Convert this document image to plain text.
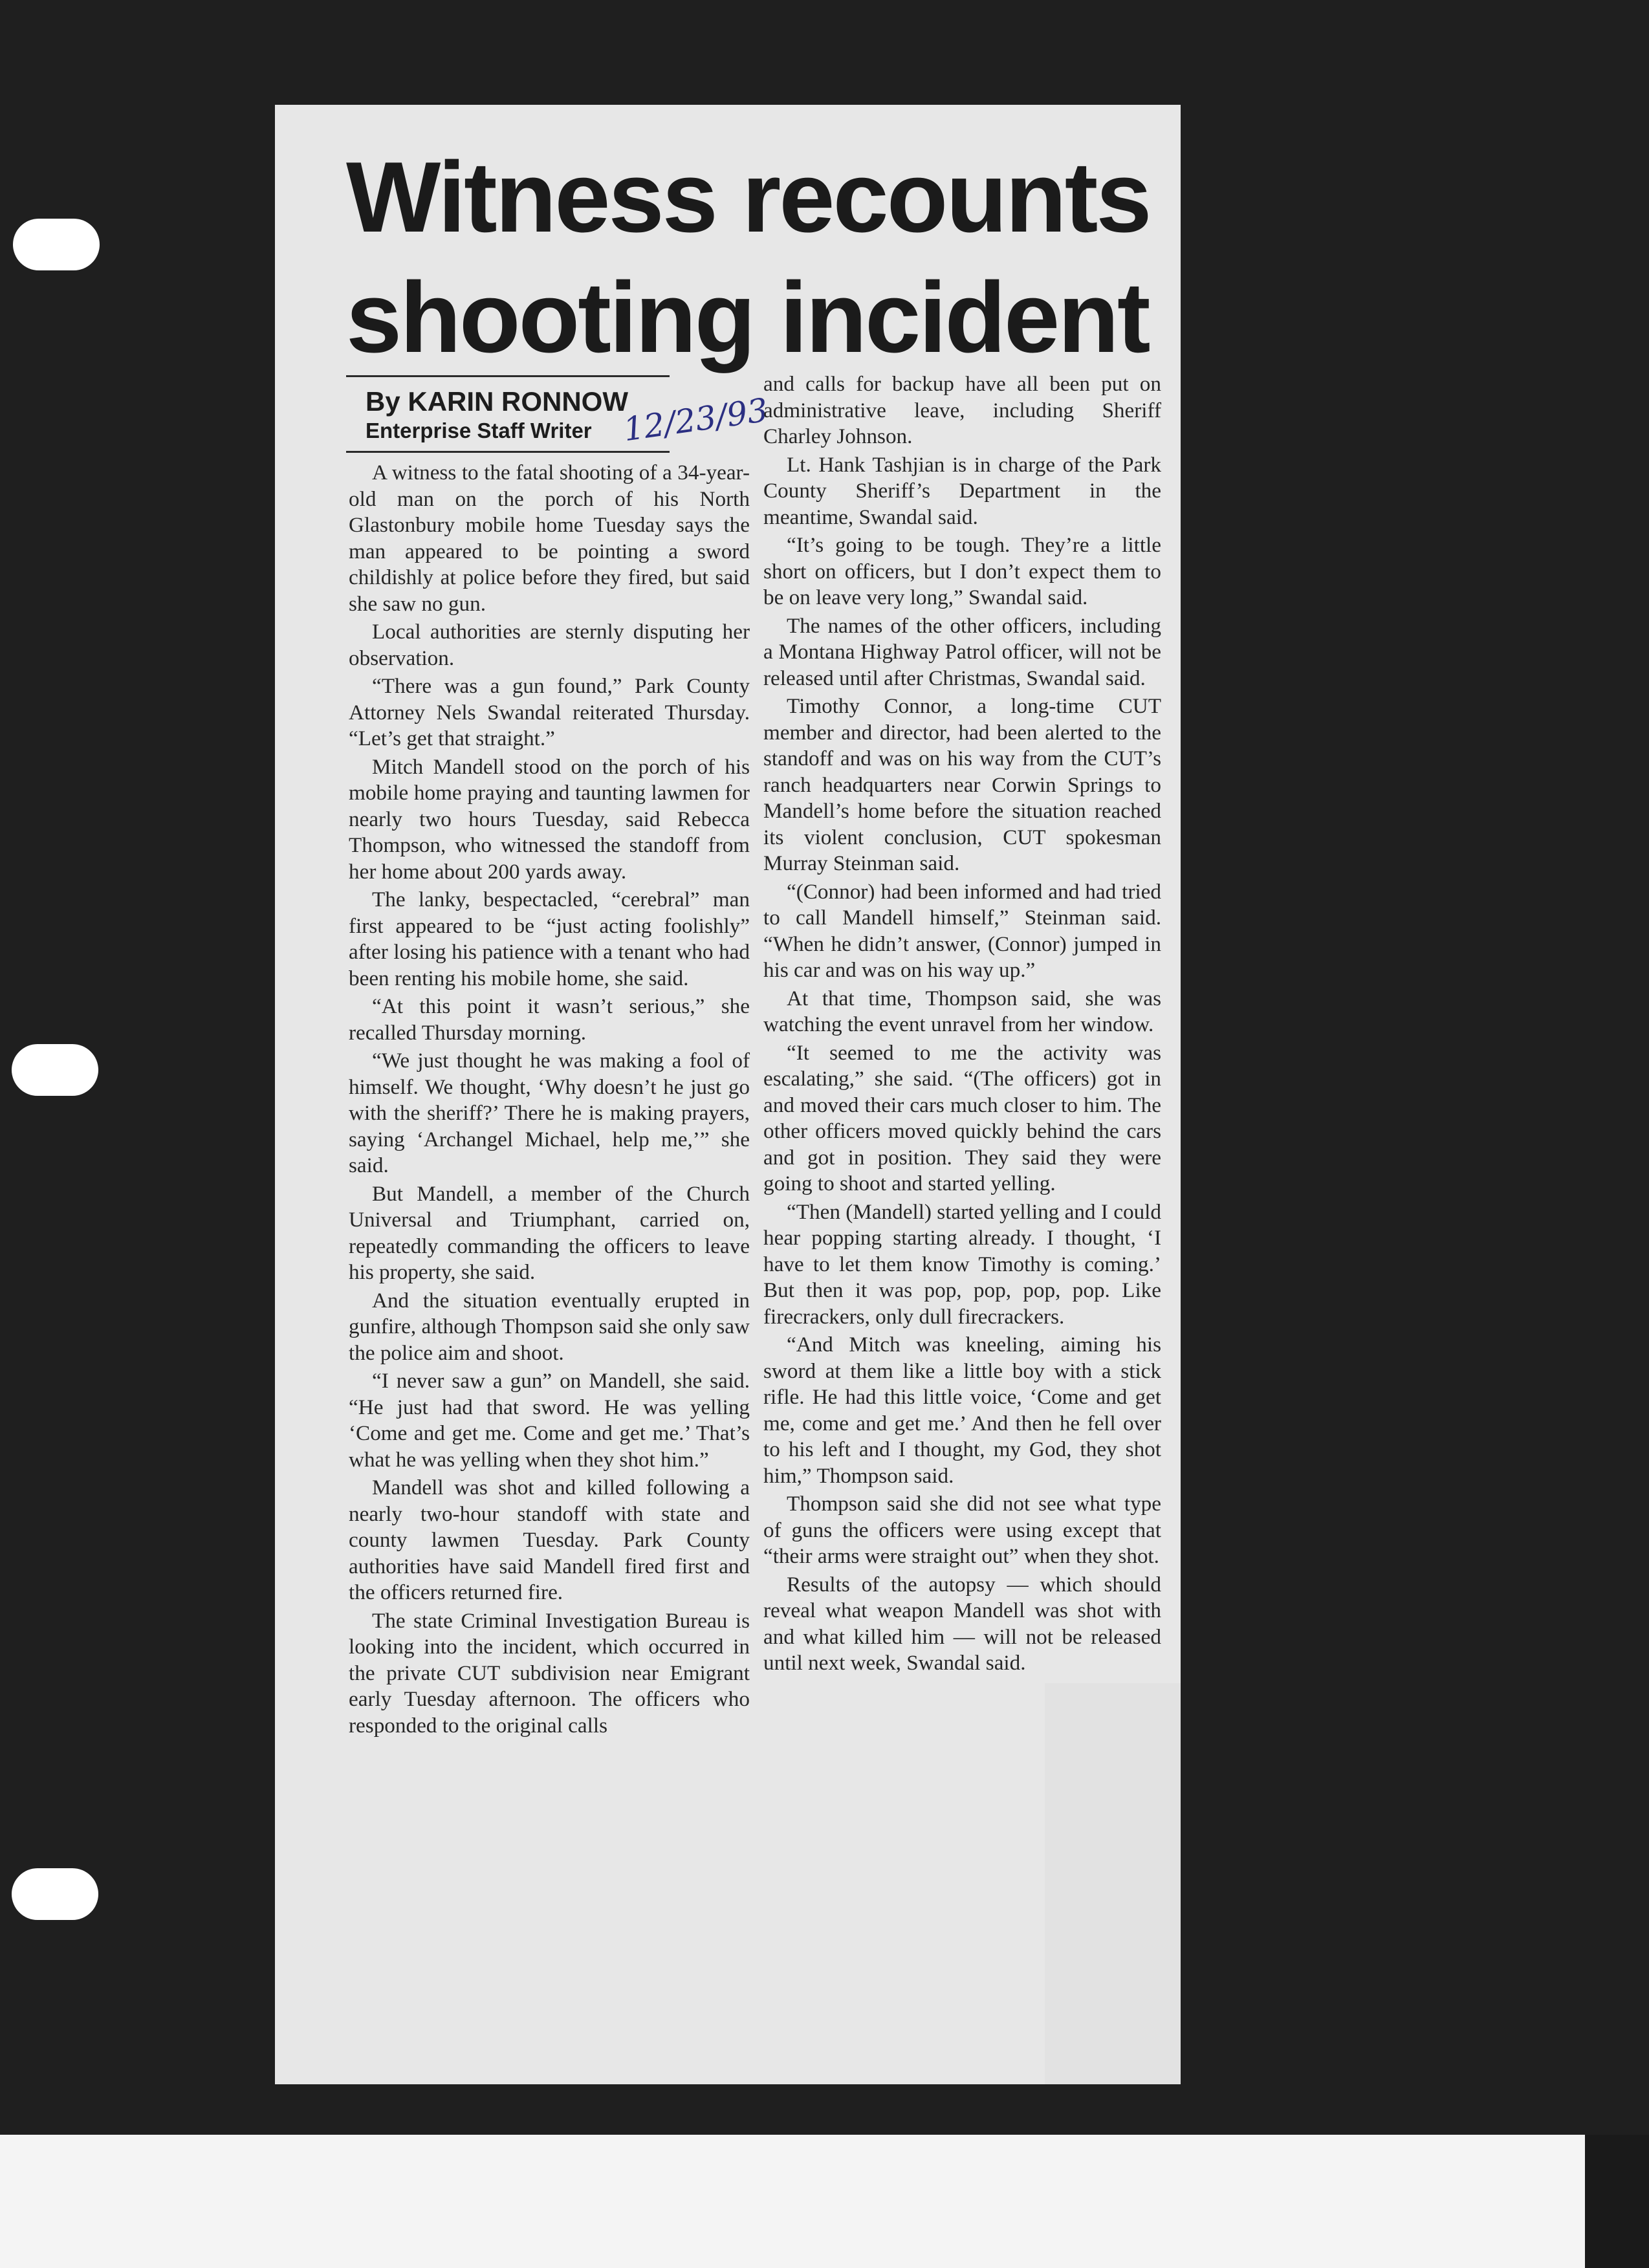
Witness recounts shooting incident
By KARIN RONNOW
Enterprise Staff Writer 12/23/93

A witness to the fatal shooting of a 34-year-old man on the porch of his North Glastonbury mobile home Tuesday says the man appeared to be pointing a sword childishly at police before they fired, but said she saw no gun.

Local authorities are sternly disputing her observation.

“There was a gun found,” Park County Attorney Nels Swandal reiterated Thursday. “Let’s get that straight.”

Mitch Mandell stood on the porch of his mobile home praying and taunting lawmen for nearly two hours Tuesday, said Rebecca Thompson, who witnessed the standoff from her home about 200 yards away.

The lanky, bespectacled, “cerebral” man first appeared to be “just acting foolishly” after losing his patience with a tenant who had been renting his mobile home, she said.

“At this point it wasn’t serious,” she recalled Thursday morning.

“We just thought he was making a fool of himself. We thought, ‘Why doesn’t he just go with the sheriff?’ There he is making prayers, saying ‘Archangel Michael, help me,’” she said.

But Mandell, a member of the Church Universal and Triumphant, carried on, repeatedly commanding the officers to leave his property, she said.

And the situation eventually erupted in gunfire, although Thompson said she only saw the police aim and shoot.

“I never saw a gun” on Mandell, she said. “He just had that sword. He was yelling ‘Come and get me. Come and get me.’ That’s what he was yelling when they shot him.”

Mandell was shot and killed following a nearly two-hour standoff with state and county lawmen Tuesday. Park County authorities have said Mandell fired first and the officers returned fire.

The state Criminal Investigation Bureau is looking into the incident, which occurred in the private CUT subdivision near Emigrant early Tuesday afternoon. The officers who responded to the original calls

and calls for backup have all been put on administrative leave, including Sheriff Charley Johnson.

Lt. Hank Tashjian is in charge of the Park County Sheriff’s Department in the meantime, Swandal said.

“It’s going to be tough. They’re a little short on officers, but I don’t expect them to be on leave very long,” Swandal said.

The names of the other officers, including a Montana Highway Patrol officer, will not be released until after Christmas, Swandal said.

Timothy Connor, a long-time CUT member and director, had been alerted to the standoff and was on his way from the CUT’s ranch headquarters near Corwin Springs to Mandell’s home before the situation reached its violent conclusion, CUT spokesman Murray Steinman said.

“(Connor) had been informed and had tried to call Mandell himself,” Steinman said. “When he didn’t answer, (Connor) jumped in his car and was on his way up.”

At that time, Thompson said, she was watching the event unravel from her window.

“It seemed to me the activity was escalating,” she said. “(The officers) got in and moved their cars much closer to him. The other officers moved quickly behind the cars and got in position. They said they were going to shoot and started yelling.

“Then (Mandell) started yelling and I could hear popping starting already. I thought, ‘I have to let them know Timothy is coming.’ But then it was pop, pop, pop, pop. Like firecrackers, only dull firecrackers.

“And Mitch was kneeling, aiming his sword at them like a little boy with a stick rifle. He had this little voice, ‘Come and get me, come and get me.’ And then he fell over to his left and I thought, my God, they shot him,” Thompson said.

Thompson said she did not see what type of guns the officers were using except that “their arms were straight out” when they shot.

Results of the autopsy — which should reveal what weapon Mandell was shot with and what killed him — will not be released until next week, Swandal said.
